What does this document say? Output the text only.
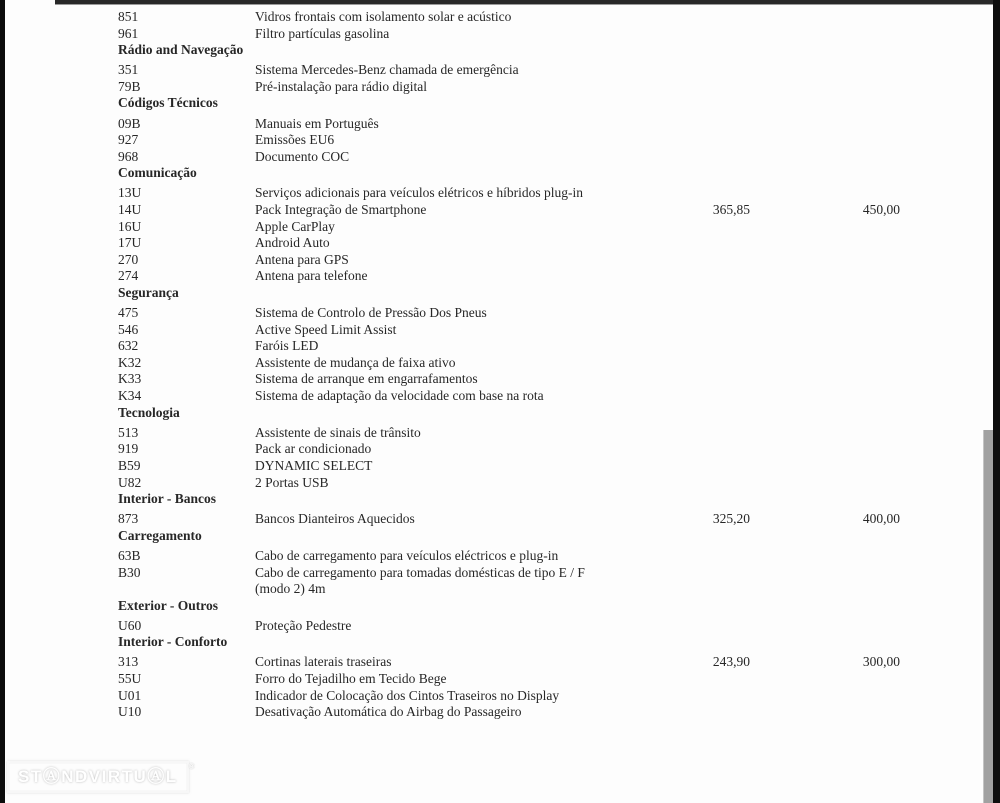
851	Vidros frontais com isolamento solar e acústico
961	Filtro partículas gasolina
Rádio and Navegação
351	Sistema Mercedes-Benz chamada de emergência
79B	Pré-instalação para rádio digital
Códigos Técnicos
09B	Manuais em Português
927	Emissões EU6
968	Documento COC
Comunicação
13U	Serviços adicionais para veículos elétricos e híbridos plug-in
14U	Pack Integração de Smartphone	365,85	450,00
16U	Apple CarPlay
17U	Android Auto
270	Antena para GPS
274	Antena para telefone
Segurança
475	Sistema de Controlo de Pressão Dos Pneus
546	Active Speed Limit Assist
632	Faróis LED
K32	Assistente de mudança de faixa ativo
K33	Sistema de arranque em engarrafamentos
K34	Sistema de adaptação da velocidade com base na rota
Tecnologia
513	Assistente de sinais de trânsito
919	Pack ar condicionado
B59	DYNAMIC SELECT
U82	2 Portas USB
Interior - Bancos
873	Bancos Dianteiros Aquecidos	325,20	400,00
Carregamento
63B	Cabo de carregamento para veículos eléctricos e plug-in
B30	Cabo de carregamento para tomadas domésticas de tipo E / F (modo 2) 4m
Exterior - Outros
U60	Proteção Pedestre
Interior - Conforto
313	Cortinas laterais traseiras	243,90	300,00
55U	Forro do Tejadilho em Tecido Bege
U01	Indicador de Colocação dos Cintos Traseiros no Display
U10	Desativação Automática do Airbag do Passageiro
STⒶNDVIRTUⒶL
®
